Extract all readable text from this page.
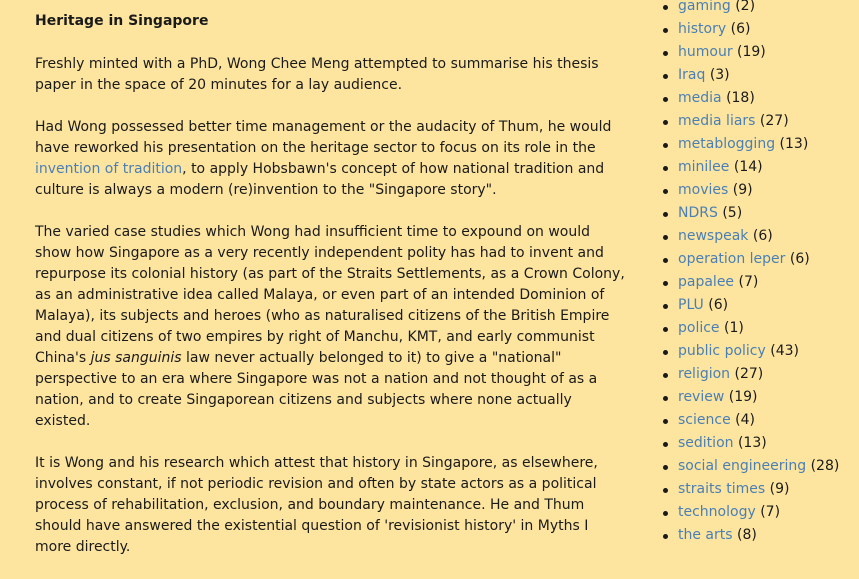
Heritage in Singapore

Freshly minted with a PhD, Wong Chee Meng attempted to summarise his thesis paper in the space of 20 minutes for a lay audience.

Had Wong possessed better time management or the audacity of Thum, he would have reworked his presentation on the heritage sector to focus on its role in the invention of tradition, to apply Hobsbawn's concept of how national tradition and culture is always a modern (re)invention to the "Singapore story".

The varied case studies which Wong had insufficient time to expound on would show how Singapore as a very recently independent polity has had to invent and repurpose its colonial history (as part of the Straits Settlements, as a Crown Colony, as an administrative idea called Malaya, or even part of an intended Dominion of Malaya), its subjects and heroes (who as naturalised citizens of the British Empire and dual citizens of two empires by right of Manchu, KMT, and early communist China's jus sanguinis law never actually belonged to it) to give a "national" perspective to an era where Singapore was not a nation and not thought of as a nation, and to create Singaporean citizens and subjects where none actually existed.

It is Wong and his research which attest that history in Singapore, as elsewhere, involves constant, if not periodic revision and often by state actors as a political process of rehabilitation, exclusion, and boundary maintenance. He and Thum should have answered the existential question of 'revisionist history' in Myths I more directly.

gaming (2)
history (6)
humour (19)
Iraq (3)
media (18)
media liars (27)
metablogging (13)
minilee (14)
movies (9)
NDRS (5)
newspeak (6)
operation leper (6)
papalee (7)
PLU (6)
police (1)
public policy (43)
religion (27)
review (19)
science (4)
sedition (13)
social engineering (28)
straits times (9)
technology (7)
the arts (8)
